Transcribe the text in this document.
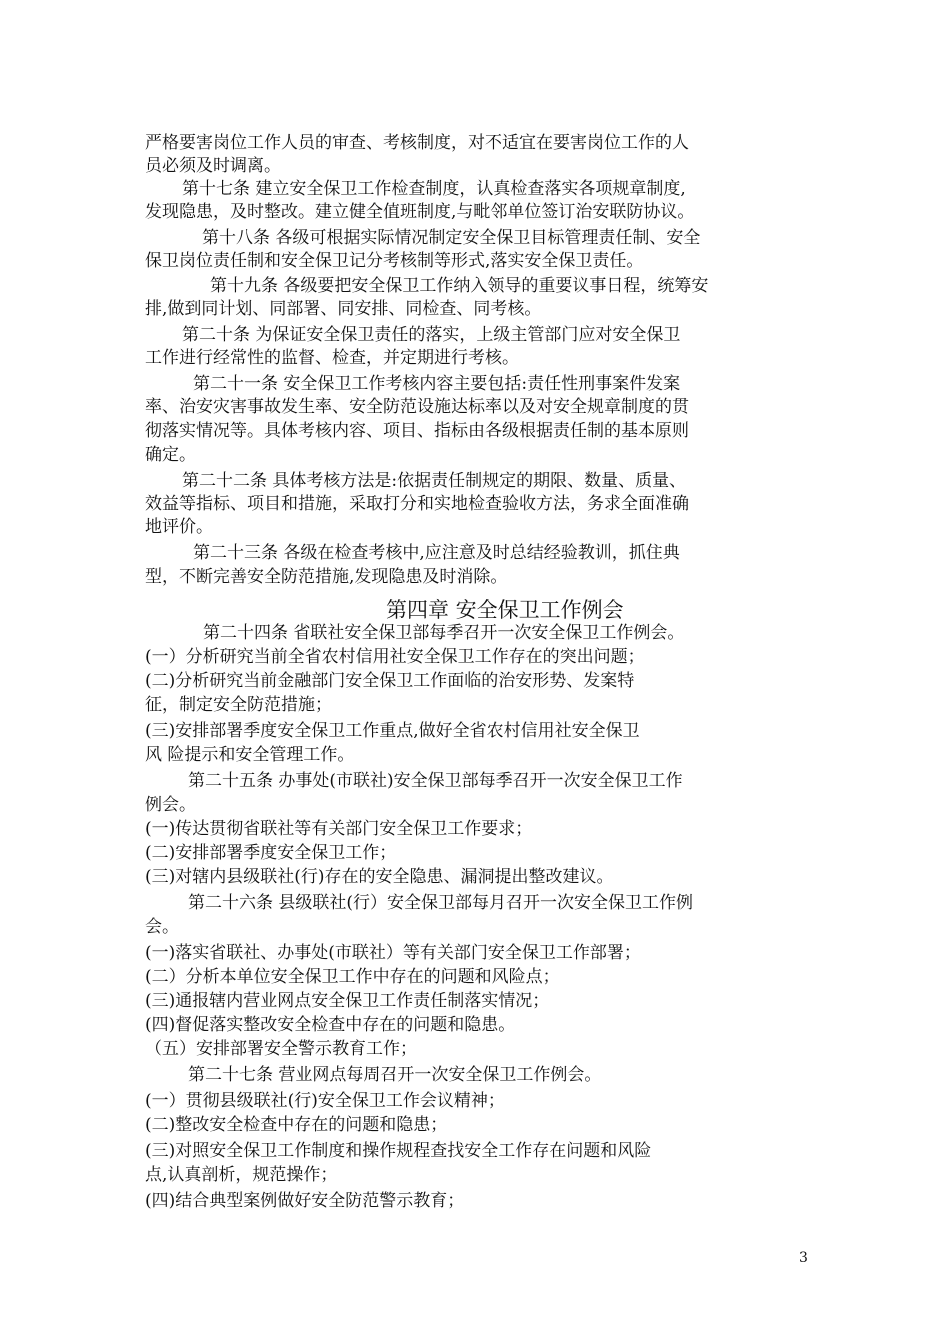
严格要害岗位工作人员的审查、考核制度，对不适宜在要害岗位工作的人
员必须及时调离。
第十七条 建立安全保卫工作检查制度，认真检查落实各项规章制度,
发现隐患，及时整改。建立健全值班制度,与毗邻单位签订治安联防协议。
第十八条 各级可根据实际情况制定安全保卫目标管理责任制、安全
保卫岗位责任制和安全保卫记分考核制等形式,落实安全保卫责任。
第十九条 各级要把安全保卫工作纳入领导的重要议事日程，统筹安
排,做到同计划、同部署、同安排、同检查、同考核。
第二十条 为保证安全保卫责任的落实，上级主管部门应对安全保卫
工作进行经常性的监督、检查，并定期进行考核。
第二十一条 安全保卫工作考核内容主要包括:责任性刑事案件发案
率、治安灾害事故发生率、安全防范设施达标率以及对安全规章制度的贯
彻落实情况等。具体考核内容、项目、指标由各级根据责任制的基本原则
确定。
第二十二条 具体考核方法是:依据责任制规定的期限、数量、质量、
效益等指标、项目和措施，采取打分和实地检查验收方法，务求全面准确
地评价。
第二十三条 各级在检查考核中,应注意及时总结经验教训，抓住典
型，不断完善安全防范措施,发现隐患及时消除。
第二十四条 省联社安全保卫部每季召开一次安全保卫工作例会。
(一）分析研究当前全省农村信用社安全保卫工作存在的突出问题；
(二)分析研究当前金融部门安全保卫工作面临的治安形势、发案特
征，制定安全防范措施；
(三)安排部署季度安全保卫工作重点,做好全省农村信用社安全保卫
风 险提示和安全管理工作。
第二十五条 办事处(市联社)安全保卫部每季召开一次安全保卫工作
例会。
(一)传达贯彻省联社等有关部门安全保卫工作要求；
(二)安排部署季度安全保卫工作；
(三)对辖内县级联社(行)存在的安全隐患、漏洞提出整改建议。
第二十六条 县级联社(行）安全保卫部每月召开一次安全保卫工作例
会。
(一)落实省联社、办事处(市联社）等有关部门安全保卫工作部署；
(二）分析本单位安全保卫工作中存在的问题和风险点；
(三)通报辖内营业网点安全保卫工作责任制落实情况；
(四)督促落实整改安全检查中存在的问题和隐患。
（五）安排部署安全警示教育工作；
第二十七条 营业网点每周召开一次安全保卫工作例会。
(一）贯彻县级联社(行)安全保卫工作会议精神；
(二)整改安全检查中存在的问题和隐患；
(三)对照安全保卫工作制度和操作规程查找安全工作存在问题和风险
点,认真剖析，规范操作；
(四)结合典型案例做好安全防范警示教育；
第四章 安全保卫工作例会
3
